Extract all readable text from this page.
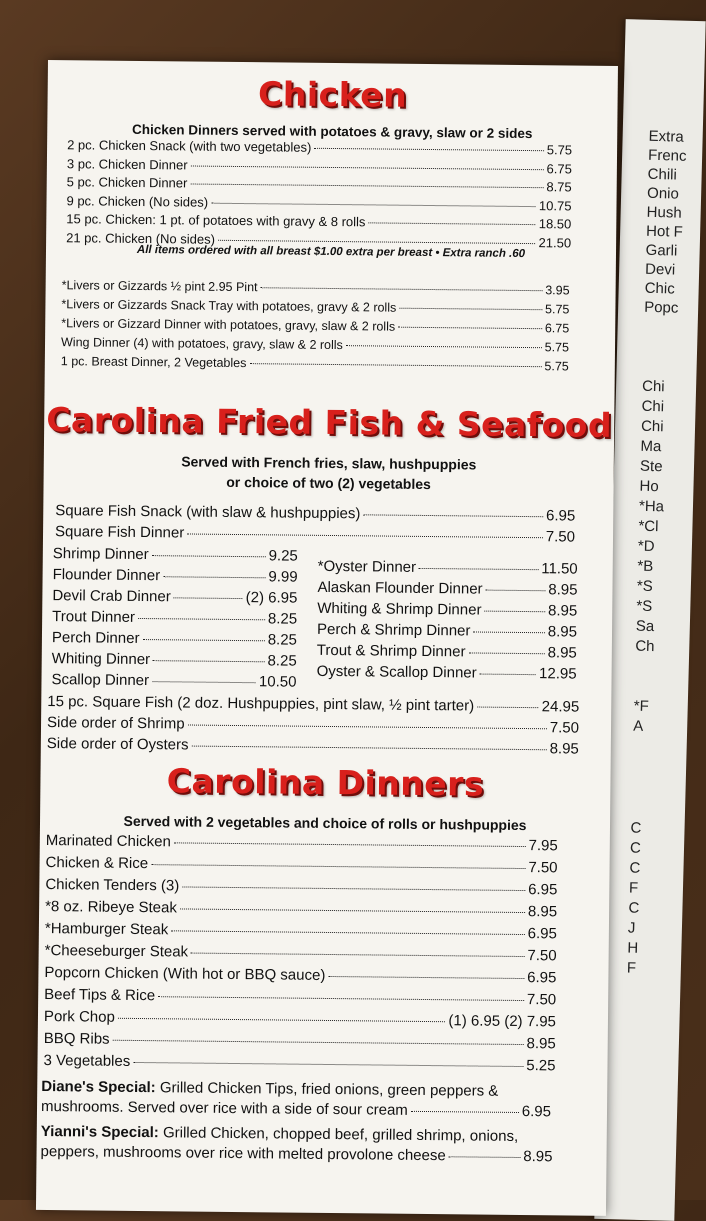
Extra
Frenc
Chili
Onio
Hush
Hot F
Garli
Devi
Chic
Popc
Chi
Chi
Chi
Ma
Ste
Ho
*Ha
*Cl
*D
*B
*S
*S
Sa
Ch
*F
A
C
C
C
F
C
J
H
F
Chicken
Chicken Dinners served with potatoes & gravy, slaw or 2 sides
All items ordered with all breast $1.00 extra per breast • Extra ranch .60
Carolina Fried Fish & Seafood
Served with French fries, slaw, hushpuppies
or choice of two (2) vegetables
Carolina Dinners
Served with 2 vegetables and choice of rolls or hushpuppies
Diane's Special: Grilled Chicken Tips, fried onions, green peppers &
mushrooms. Served over rice with a side of sour cream	6.95
Yianni's Special: Grilled Chicken, chopped beef, grilled shrimp, onions,
peppers, mushrooms over rice with melted provolone cheese	8.95
2 pc. Chicken Snack (with two vegetables)	5.75
3 pc. Chicken Dinner	6.75
5 pc. Chicken Dinner	8.75
9 pc. Chicken (No sides)	10.75
15 pc. Chicken: 1 pt. of potatoes with gravy & 8 rolls	18.50
21 pc. Chicken (No sides)	21.50
*Livers or Gizzards ½ pint 2.95 Pint	3.95
*Livers or Gizzards Snack Tray with potatoes, gravy & 2 rolls	5.75
*Livers or Gizzard Dinner with potatoes, gravy, slaw & 2 rolls	6.75
Wing Dinner (4) with potatoes, gravy, slaw & 2 rolls	5.75
1 pc. Breast Dinner, 2 Vegetables	5.75
Square Fish Snack (with slaw & hushpuppies)	6.95
Square Fish Dinner	7.50
Shrimp Dinner	9.25
Flounder Dinner	9.99
Devil Crab Dinner	(2) 6.95
Trout Dinner	8.25
Perch Dinner	8.25
Whiting Dinner	8.25
Scallop Dinner	10.50
*Oyster Dinner	11.50
Alaskan Flounder Dinner	8.95
Whiting & Shrimp Dinner	8.95
Perch & Shrimp Dinner	8.95
Trout & Shrimp Dinner	8.95
Oyster & Scallop Dinner	12.95
15 pc. Square Fish (2 doz. Hushpuppies, pint slaw, ½ pint tarter)	24.95
Side order of Shrimp	7.50
Side order of Oysters	8.95
Marinated Chicken	7.95
Chicken & Rice	7.50
Chicken Tenders (3)	6.95
*8 oz. Ribeye Steak	8.95
*Hamburger Steak	6.95
*Cheeseburger Steak	7.50
Popcorn Chicken (With hot or BBQ sauce)	6.95
Beef Tips & Rice	7.50
Pork Chop	(1) 6.95 (2) 7.95
BBQ Ribs	8.95
3 Vegetables	5.25
